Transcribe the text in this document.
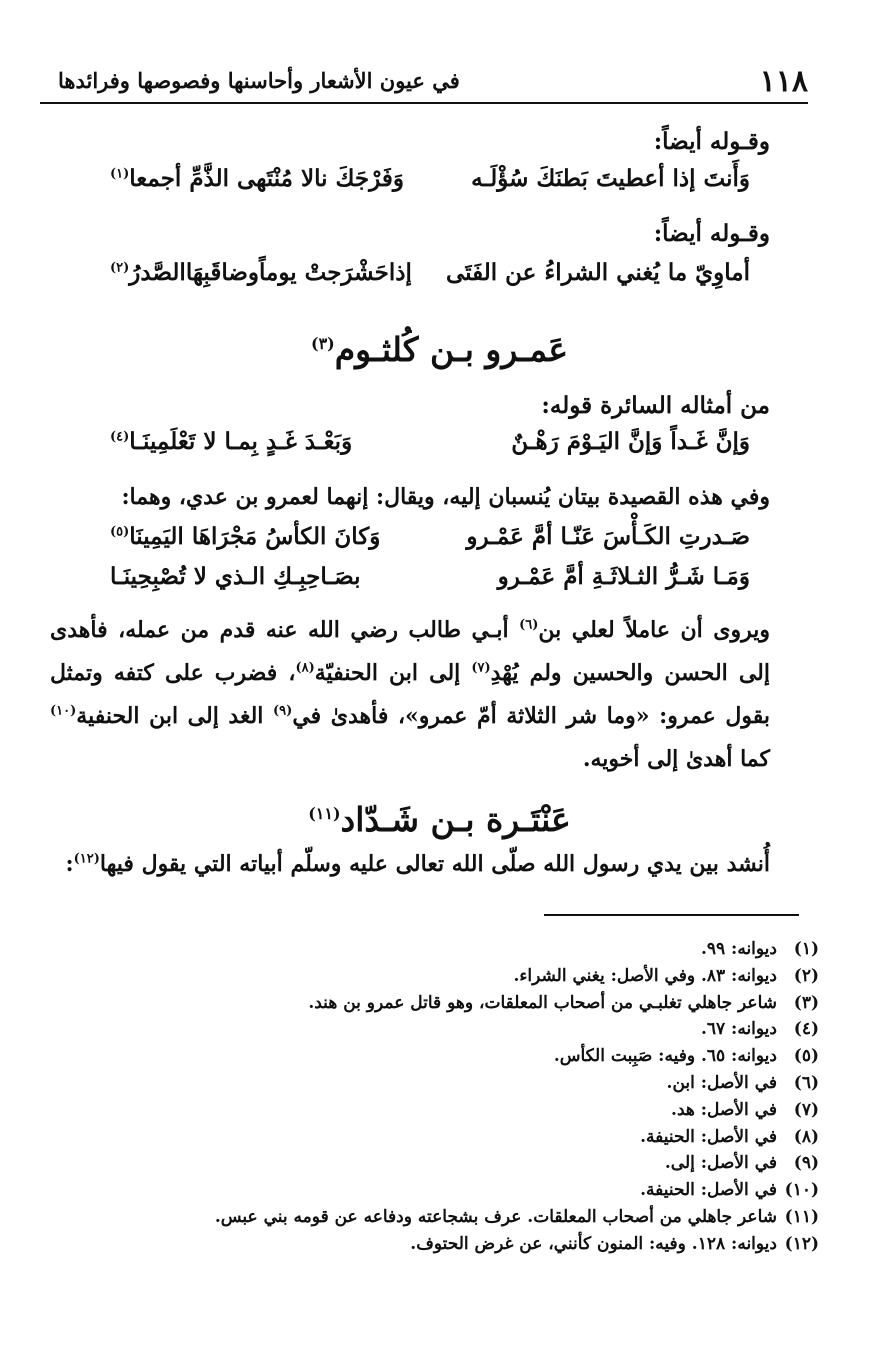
١١٨
في عيون الأشعار وأحاسنها وفصوصها وفرائدها
وقـوله أيضاً:
وَأَنتَ إذا أعطيتَ بَطنَكَ سُؤْلَـه
وَفَرْجَكَ نالا مُنْتَهى الذَّمِّ أجمعا$^{(١)}$
وقـوله أيضاً:
أماوِيّ ما يُغني الشراءُ عن الفَتَى
إذاحَشْرَجتْ يوماًوضاقَبِهَاالصَّدرُ$^{(٢)}$
عَمـرو بـن كُلثـوم$^{(٣)}$
من أمثاله السائرة قوله:
وَإنَّ غَـداً وَإنَّ اليَـوْمَ رَهْـنٌ
وَبَعْـدَ غَـدٍ بِمـا لا تَعْلَمِينَـا$^{(٤)}$
وفي هذه القصيدة بيتان يُنسبان إليه، ويقال: إنهما لعمرو بن عدي، وهما:
صَـدرتِ الكَـأْسَ عَنّـا أمَّ عَمْـرو
وَكانَ الكأسُ مَجْرَاهَا اليَمِينَا$^{(٥)}$
وَمَـا شَـرُّ الثـلاثَـةِ أمَّ عَمْـرو
بصَـاحِبِـكِ الـذي لا تُصْبِحِينَـا
ويروى أن عاملاً لعلي بن$^{(٦)}$ أبـي طالب رضي الله عنه قدم من عمله، فأهدى إلى الحسن والحسين ولم يُهْدِ$^{(٧)}$ إلى ابن الحنفيّة$^{(٨)}$، فضرب على كتفه وتمثل بقول عمرو: «وما شر الثلاثة أمّ عمرو»، فأهدىٰ في$^{(٩)}$ الغد إلى ابن الحنفية$^{(١٠)}$ كما أهدىٰ إلى أخويه.
عَنْتَـرة بـن شَـدّاد$^{(١١)}$
أُنشد بين يدي رسول الله صلّى الله تعالى عليه وسلّم أبياته التي يقول فيها$^{(١٢)}$:
(١)ديوانه: ٩٩.
(٢)ديوانه: ٨٣. وفي الأصل: يغني الشراء.
(٣)شاعر جاهلي تغلبـي من أصحاب المعلقات، وهو قاتل عمرو بن هند.
(٤)ديوانه: ٦٧.
(٥)ديوانه: ٦٥. وفيه: صَبِبت الكأس.
(٦)في الأصل: ابن.
(٧)في الأصل: هد.
(٨)في الأصل: الحنيفة.
(٩)في الأصل: إلى.
(١٠)في الأصل: الحنيفة.
(١١)شاعر جاهلي من أصحاب المعلقات. عرف بشجاعته ودفاعه عن قومه بني عبس.
(١٢)ديوانه: ١٢٨. وفيه: المنون كأنني، عن غرض الحتوف.
